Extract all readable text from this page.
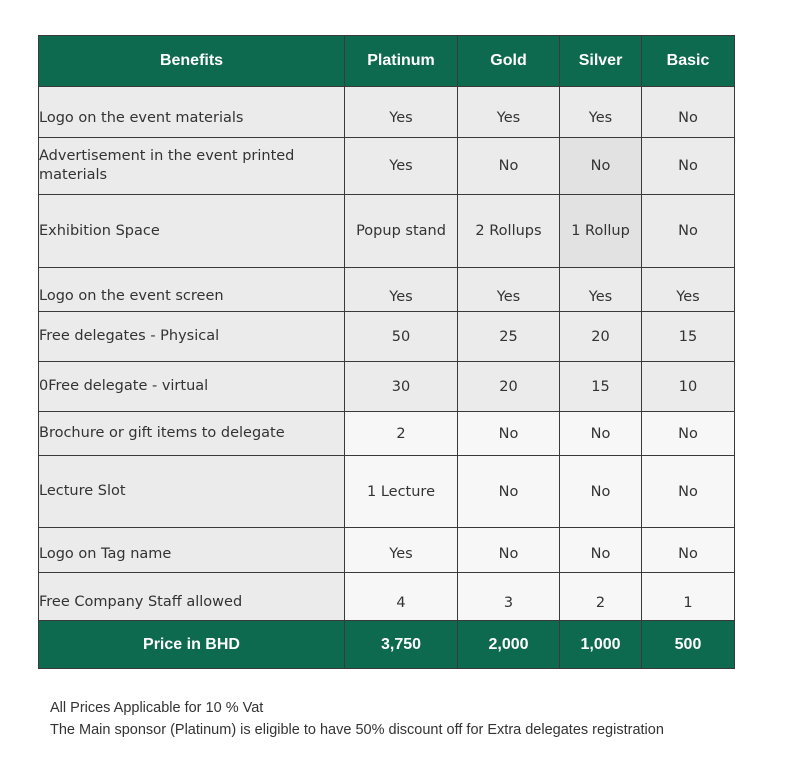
Benefits	Platinum	Gold	Silver	Basic
Logo on the event materials	Yes	Yes	Yes	No
Advertisement in the event printed materials	Yes	No	No	No
Exhibition Space	Popup stand	2 Rollups	1 Rollup	No
Logo on the event screen	Yes	Yes	Yes	Yes
Free delegates - Physical	50	25	20	15
0Free delegate - virtual	30	20	15	10
Brochure or gift items to delegate	2	No	No	No
Lecture Slot	1 Lecture	No	No	No
Logo on Tag name	Yes	No	No	No
Free Company Staff allowed	4	3	2	1
Price in BHD	3,750	2,000	1,000	500
All Prices Applicable for 10 % Vat
The Main sponsor (Platinum) is eligible to have 50% discount off for Extra delegates registration
